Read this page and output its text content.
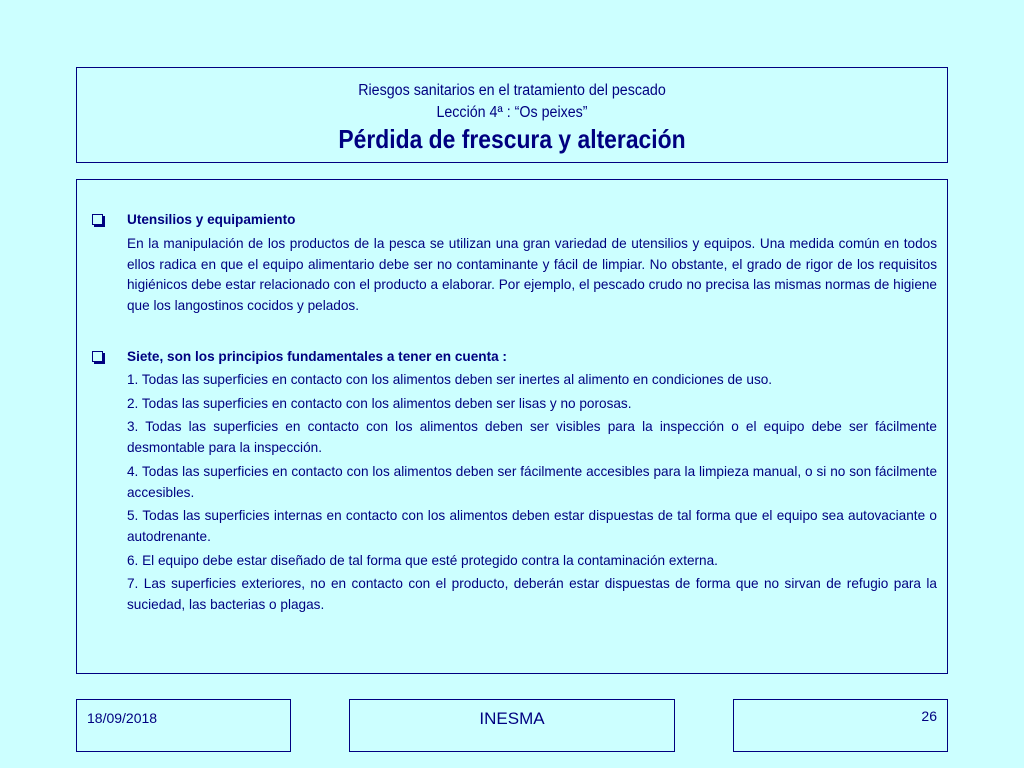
Riesgos sanitarios en el tratamiento del pescado
Lección 4ª : “Os peixes”
Pérdida de frescura y alteración
Utensilios y equipamiento
En la manipulación de los productos de la pesca se utilizan una gran variedad de utensilios y equipos. Una medida común en todos ellos radica en que el equipo alimentario debe ser no contaminante y fácil de limpiar. No obstante, el grado de rigor de los requisitos higiénicos debe estar relacionado con el producto a elaborar. Por ejemplo, el pescado crudo no precisa las mismas normas de higiene que los langostinos cocidos y pelados.
Siete, son los principios fundamentales a tener en cuenta :
1. Todas las superficies en contacto con los alimentos deben ser inertes al alimento en condiciones de uso.
2. Todas las superficies en contacto con los alimentos deben ser lisas y no porosas.
3. Todas las superficies en contacto con los alimentos deben ser visibles para la inspección o el equipo debe ser fácilmente desmontable para la inspección.
4. Todas las superficies en contacto con los alimentos deben ser fácilmente accesibles para la limpieza manual, o si no son fácilmente accesibles.
5. Todas las superficies internas en contacto con los alimentos deben estar dispuestas de tal forma que el equipo sea autovaciante o autodrenante.
6. El equipo debe estar diseñado de tal forma que esté protegido contra la contaminación externa.
7. Las superficies exteriores, no en contacto con el producto, deberán estar dispuestas de forma que no sirvan de refugio para la suciedad, las bacterias o plagas.
18/09/2018	INESMA	26
